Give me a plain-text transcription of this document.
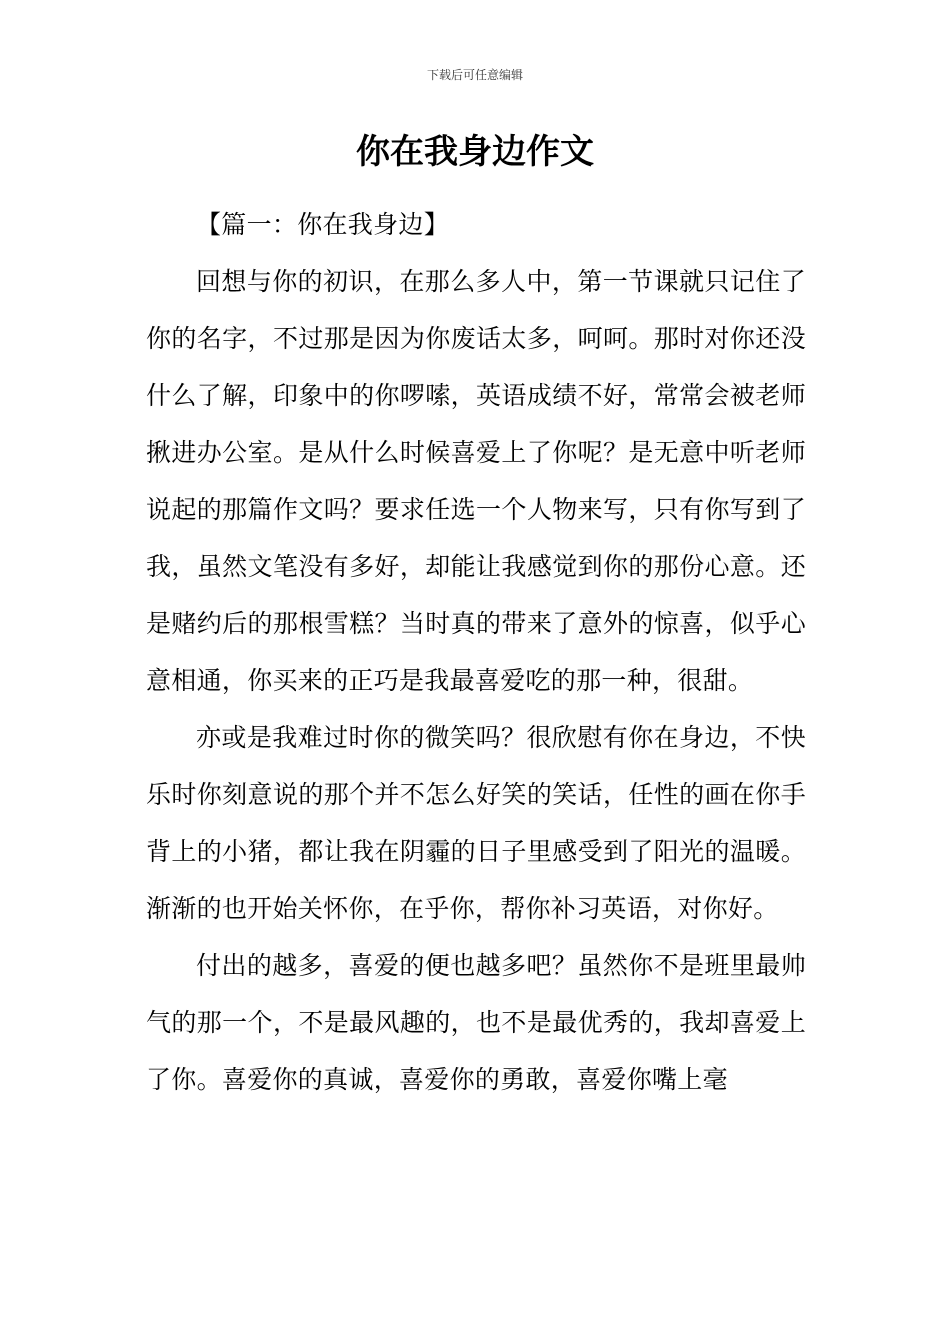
下载后可任意编辑
你在我身边作文

【篇一：你在我身边】

回想与你的初识，在那么多人中，第一节课就只记住了你的名字，不过那是因为你废话太多，呵呵。那时对你还没什么了解，印象中的你啰嗦，英语成绩不好，常常会被老师揪进办公室。是从什么时候喜爱上了你呢？是无意中听老师说起的那篇作文吗？要求任选一个人物来写，只有你写到了我，虽然文笔没有多好，却能让我感觉到你的那份心意。还是赌约后的那根雪糕？当时真的带来了意外的惊喜，似乎心意相通，你买来的正巧是我最喜爱吃的那一种，很甜。

亦或是我难过时你的微笑吗？很欣慰有你在身边，不快乐时你刻意说的那个并不怎么好笑的笑话，任性的画在你手背上的小猪，都让我在阴霾的日子里感受到了阳光的温暖。渐渐的也开始关怀你，在乎你，帮你补习英语，对你好。

付出的越多，喜爱的便也越多吧？虽然你不是班里最帅气的那一个，不是最风趣的，也不是最优秀的，我却喜爱上了你。喜爱你的真诚，喜爱你的勇敢，喜爱你嘴上毫
